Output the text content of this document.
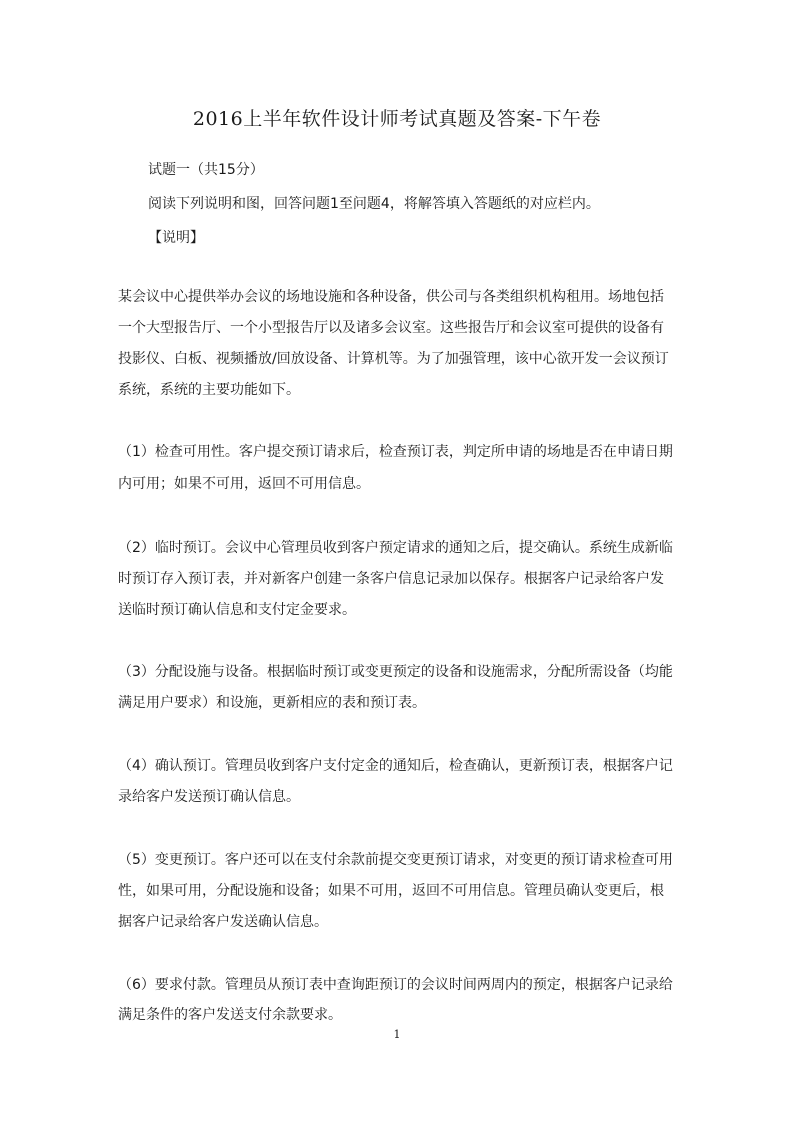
2016上半年软件设计师考试真题及答案-下午卷
试题一（共15分）
阅读下列说明和图，回答问题1至问题4，将解答填入答题纸的对应栏内。
【说明】
某会议中心提供举办会议的场地设施和各种设备，供公司与各类组织机构租用。场地包括
一个大型报告厅、一个小型报告厅以及诸多会议室。这些报告厅和会议室可提供的设备有
投影仪、白板、视频播放/回放设备、计算机等。为了加强管理，该中心欲开发一会议预订
系统，系统的主要功能如下。
（1）检查可用性。客户提交预订请求后，检查预订表，判定所申请的场地是否在申请日期
内可用；如果不可用，返回不可用信息。
（2）临时预订。会议中心管理员收到客户预定请求的通知之后，提交确认。系统生成新临
时预订存入预订表，并对新客户创建一条客户信息记录加以保存。根据客户记录给客户发
送临时预订确认信息和支付定金要求。
（3）分配设施与设备。根据临时预订或变更预定的设备和设施需求，分配所需设备（均能
满足用户要求）和设施，更新相应的表和预订表。
（4）确认预订。管理员收到客户支付定金的通知后，检查确认，更新预订表，根据客户记
录给客户发送预订确认信息。
（5）变更预订。客户还可以在支付余款前提交变更预订请求，对变更的预订请求检查可用
性，如果可用，分配设施和设备；如果不可用，返回不可用信息。管理员确认变更后，根
据客户记录给客户发送确认信息。
（6）要求付款。管理员从预订表中查询距预订的会议时间两周内的预定，根据客户记录给
满足条件的客户发送支付余款要求。
1
